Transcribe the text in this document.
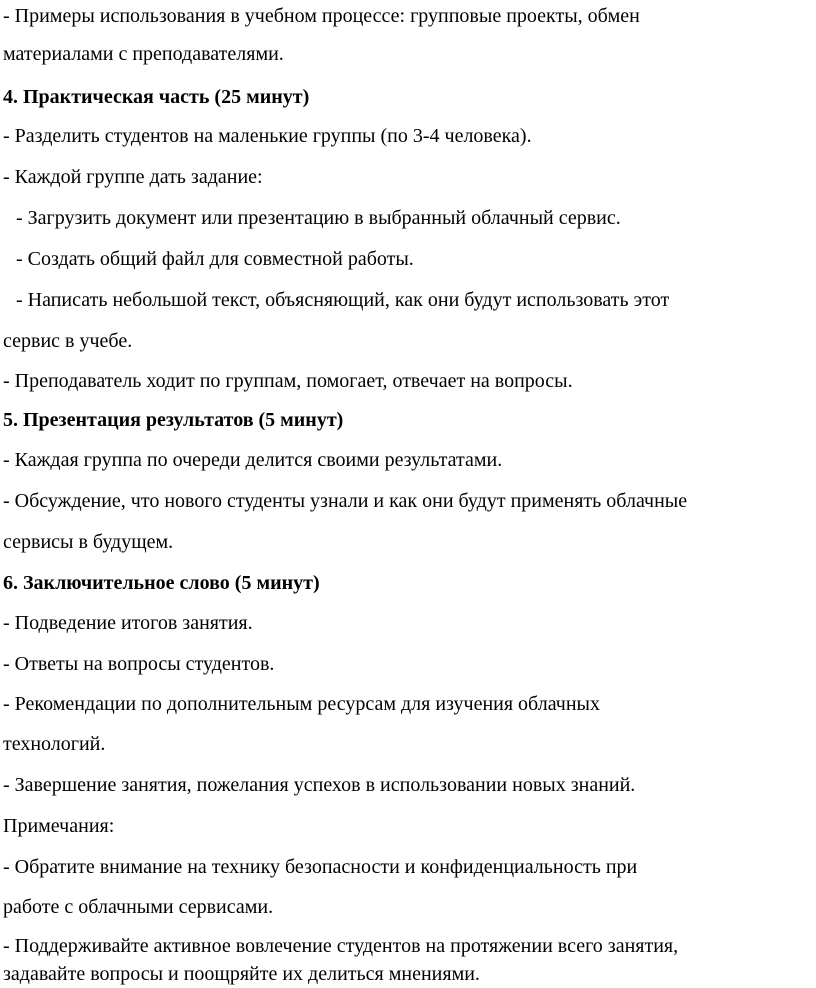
- Примеры использования в учебном процессе: групповые проекты, обмен
материалами с преподавателями.
4. Практическая часть (25 минут)
- Разделить студентов на маленькие группы (по 3-4 человека).
- Каждой группе дать задание:
- Загрузить документ или презентацию в выбранный облачный сервис.
- Создать общий файл для совместной работы.
- Написать небольшой текст, объясняющий, как они будут использовать этот
сервис в учебе.
- Преподаватель ходит по группам, помогает, отвечает на вопросы.
5. Презентация результатов (5 минут)
- Каждая группа по очереди делится своими результатами.
- Обсуждение, что нового студенты узнали и как они будут применять облачные
сервисы в будущем.
6. Заключительное слово (5 минут)
- Подведение итогов занятия.
- Ответы на вопросы студентов.
- Рекомендации по дополнительным ресурсам для изучения облачных
технологий.
- Завершение занятия, пожелания успехов в использовании новых знаний.
Примечания:
- Обратите внимание на технику безопасности и конфиденциальность при
работе с облачными сервисами.
- Поддерживайте активное вовлечение студентов на протяжении всего занятия,
задавайте вопросы и поощряйте их делиться мнениями.
